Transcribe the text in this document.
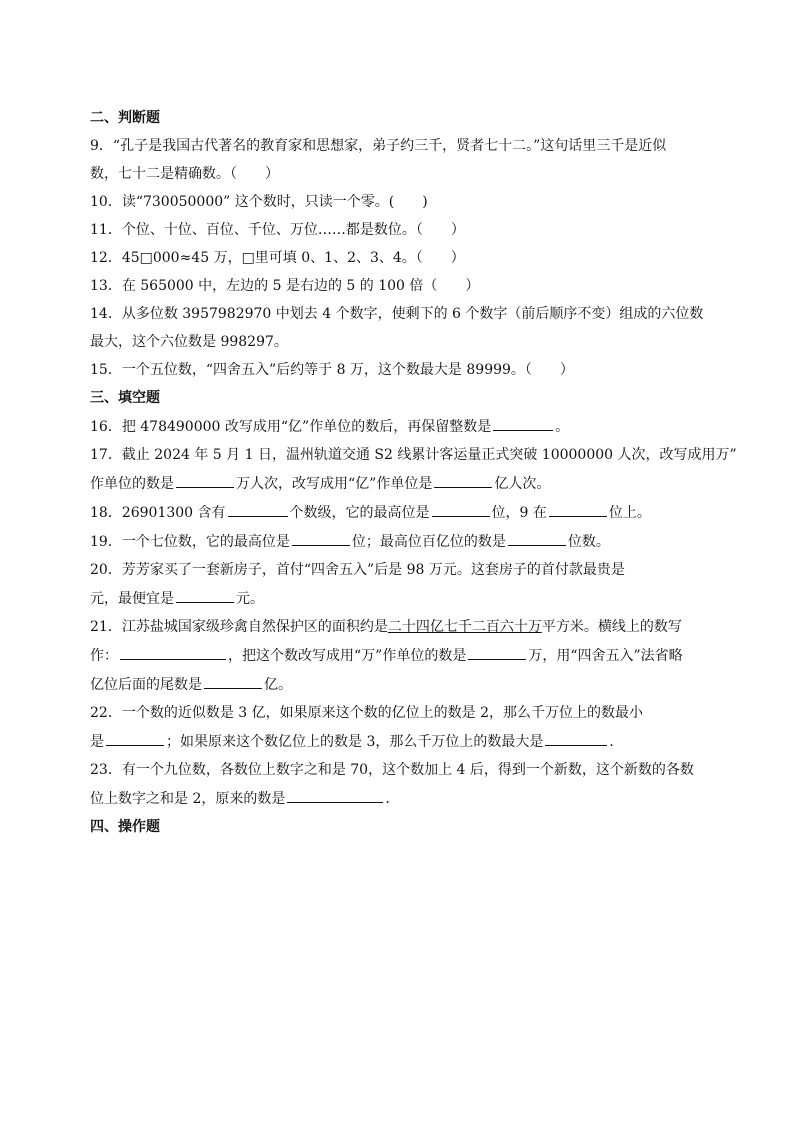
二、判断题
9．“孔子是我国古代著名的教育家和思想家，弟子约三千，贤者七十二。”这句话里三千是近似
数，七十二是精确数。（　　）
10．读“730050000” 这个数时，只读一个零。(　　)
11．个位、十位、百位、千位、万位……都是数位。（　　）
12．45□000≈45 万，□里可填 0、1、2、3、4。（　　）
13．在 565000 中，左边的 5 是右边的 5 的 100 倍（　　）
14．从多位数 3957982970 中划去 4 个数字，使剩下的 6 个数字（前后顺序不变）组成的六位数
最大，这个六位数是 998297。
15．一个五位数，“四舍五入”后约等于 8 万，这个数最大是 89999。（　　）
三、填空题
16．把 478490000 改写成用“亿”作单位的数后，再保留整数是	。
17．截止 2024 年 5 月 1 日，温州轨道交通 S2 线累计客运量正式突破 10000000 人次，改写成用万”
作单位的数是	万人次，改写成用“亿”作单位是	亿人次。
18．26901300 含有	个数级，它的最高位是	位，9 在	位上。
19．一个七位数，它的最高位是	位；最高位百亿位的数是	位数。
20．芳芳家买了一套新房子，首付“四舍五入”后是 98 万元。这套房子的首付款最贵是
元，最便宜是	元。
21．江苏盐城国家级珍禽自然保护区的面积约是二十四亿七千二百六十万平方米。横线上的数写
作：	，把这个数改写成用“万”作单位的数是	万，用“四舍五入”法省略
亿位后面的尾数是	亿。
22．一个数的近似数是 3 亿，如果原来这个数的亿位上的数是 2，那么千万位上的数最小
是	；如果原来这个数亿位上的数是 3，那么千万位上的数最大是	．
23．有一个九位数，各数位上数字之和是 70，这个数加上 4 后，得到一个新数，这个新数的各数
位上数字之和是 2，原来的数是	．
四、操作题
